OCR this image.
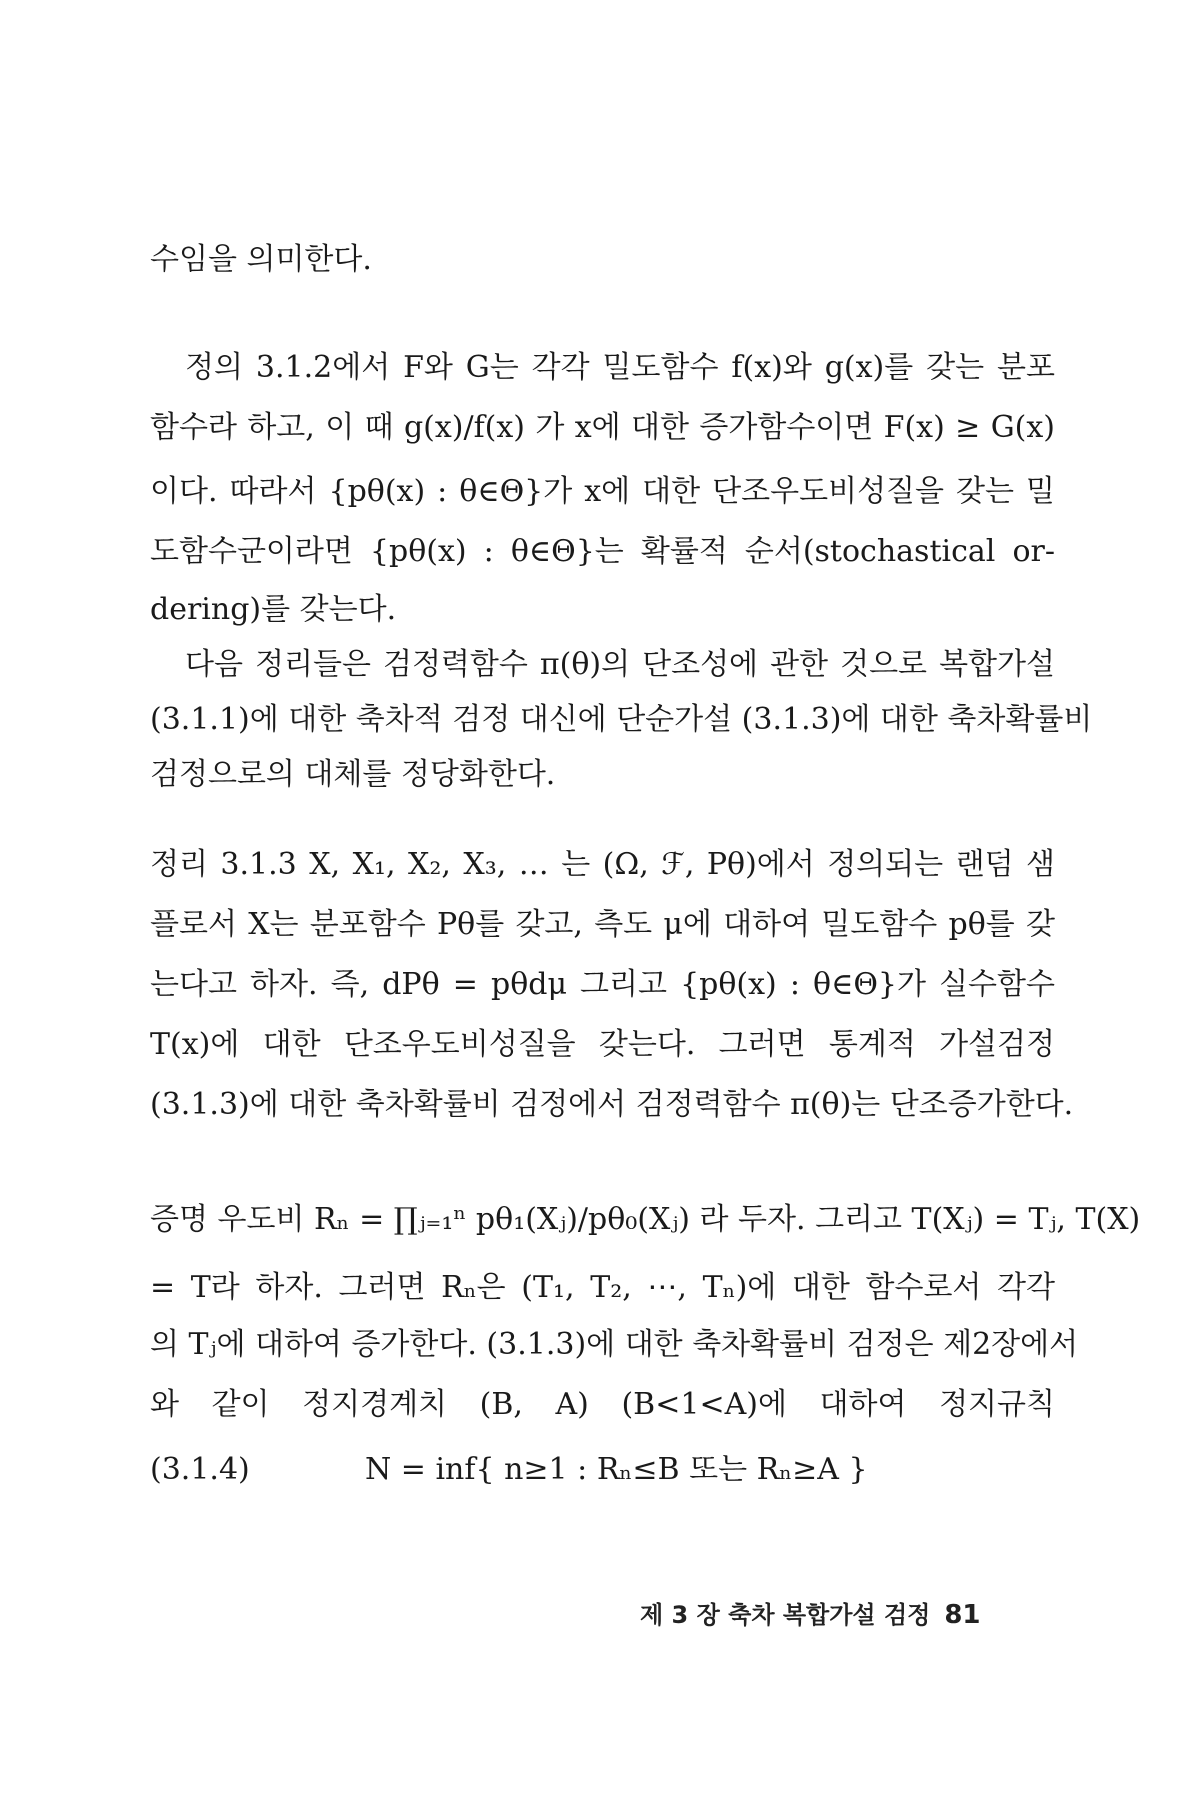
수임을 의미한다.
정의 3.1.2에서 F와 G는 각각 밀도함수 f(x)와 g(x)를 갖는 분포
함수라 하고, 이 때 g(x)/f(x) 가 x에 대한 증가함수이면 F(x) ≥ G(x)
이다. 따라서 {pθ(x) : θ∈Θ}가 x에 대한 단조우도비성질을 갖는 밀
도함수군이라면 {pθ(x) : θ∈Θ}는 확률적 순서(stochastical or-
dering)를 갖는다.
다음 정리들은 검정력함수 π(θ)의 단조성에 관한 것으로 복합가설
(3.1.1)에 대한 축차적 검정 대신에 단순가설 (3.1.3)에 대한 축차확률비
검정으로의 대체를 정당화한다.
정리 3.1.3 X, X₁, X₂, X₃, … 는 (Ω, ℱ, Pθ)에서 정의되는 랜덤 샘
플로서 X는 분포함수 Pθ를 갖고, 측도 μ에 대하여 밀도함수 pθ를 갖
는다고 하자. 즉, dPθ = pθdμ 그리고 {pθ(x) : θ∈Θ}가 실수함수
T(x)에 대한 단조우도비성질을 갖는다. 그러면 통계적 가설검정
(3.1.3)에 대한 축차확률비 검정에서 검정력함수 π(θ)는 단조증가한다.
증명 우도비 Rₙ = ∏ⱼ₌₁ⁿ pθ₁(Xⱼ)/pθ₀(Xⱼ) 라 두자. 그리고 T(Xⱼ) = Tⱼ, T(X)
= T라 하자. 그러면 Rₙ은 (T₁, T₂, ⋯, Tₙ)에 대한 함수로서 각각
의 Tⱼ에 대하여 증가한다. (3.1.3)에 대한 축차확률비 검정은 제2장에서
와 같이 정지경계치 (B, A) (B<1<A)에 대하여 정지규칙
(3.1.4)	N = inf{ n≥1 : Rₙ≤B 또는 Rₙ≥A }
제 3 장 축차 복합가설 검정 81
